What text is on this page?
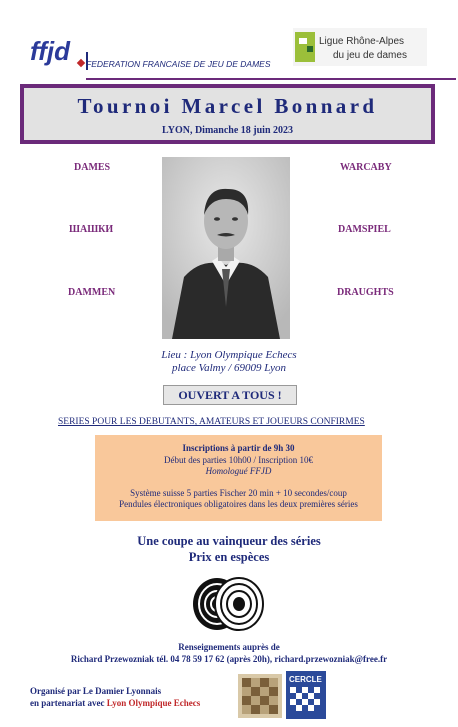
ffjd FEDERATION FRANCAISE DE JEU DE DAMES
Ligue Rhône-Alpes
du jeu de dames
Tournoi Marcel Bonnard
LYON, Dimanche 18 juin 2023
DAMES
ШАШКИ
DAMMEN
WARCABY
DAMSPIEL
DRAUGHTS
Lieu : Lyon Olympique Echecs
place Valmy / 69009 Lyon
OUVERT A TOUS !
SERIES POUR LES DEBUTANTS, AMATEURS ET JOUEURS CONFIRMES
Inscriptions à partir de 9h 30
Début des parties 10h00 / Inscription 10€
Homologué FFJD
Système suisse 5 parties Fischer 20 min + 10 secondes/coup
Pendules électroniques obligatoires dans les deux premières séries
Une coupe au vainqueur des séries
Prix en espèces
Renseignements auprès de
Richard Przewozniak tél. 04 78 59 17 62 (après 20h), richard.przewozniak@free.fr
Organisé par Le Damier Lyonnais
en partenariat avec Lyon Olympique Echecs
CERCLE
